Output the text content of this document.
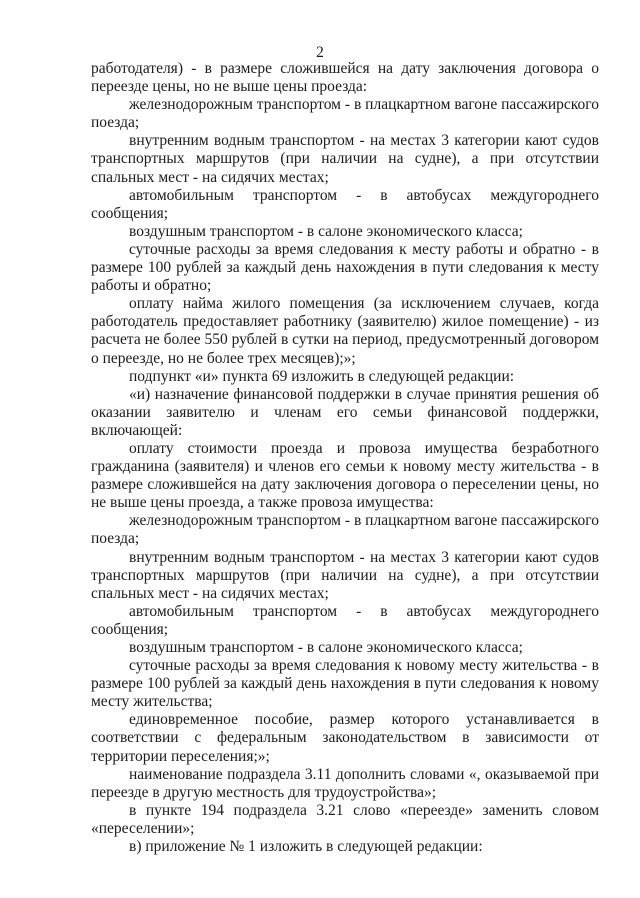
2

работодателя) - в размере сложившейся на дату заключения договора о переезде цены, но не выше цены проезда:

железнодорожным транспортом - в плацкартном вагоне пассажирского поезда;

внутренним водным транспортом - на местах 3 категории кают судов транспортных маршрутов (при наличии на судне), а при отсутствии спальных мест - на сидячих местах;

автомобильным транспортом - в автобусах междугороднего сообщения;

воздушным транспортом - в салоне экономического класса;

суточные расходы за время следования к месту работы и обратно - в размере 100 рублей за каждый день нахождения в пути следования к месту работы и обратно;

оплату найма жилого помещения (за исключением случаев, когда работодатель предоставляет работнику (заявителю) жилое помещение) - из расчета не более 550 рублей в сутки на период, предусмотренный договором о переезде, но не более трех месяцев);»;

подпункт «и» пункта 69 изложить в следующей редакции:

«и) назначение финансовой поддержки в случае принятия решения об оказании заявителю и членам его семьи финансовой поддержки, включающей:

оплату стоимости проезда и провоза имущества безработного гражданина (заявителя) и членов его семьи к новому месту жительства - в размере сложившейся на дату заключения договора о переселении цены, но не выше цены проезда, а также провоза имущества:

железнодорожным транспортом - в плацкартном вагоне пассажирского поезда;

внутренним водным транспортом - на местах 3 категории кают судов транспортных маршрутов (при наличии на судне), а при отсутствии спальных мест - на сидячих местах;

автомобильным транспортом - в автобусах междугороднего сообщения;

воздушным транспортом - в салоне экономического класса;

суточные расходы за время следования к новому месту жительства - в размере 100 рублей за каждый день нахождения в пути следования к новому месту жительства;

единовременное пособие, размер которого устанавливается в соответствии с федеральным законодательством в зависимости от территории переселения;»;

наименование подраздела 3.11 дополнить словами «, оказываемой при переезде в другую местность для трудоустройства»;

в пункте 194 подраздела 3.21 слово «переезде» заменить словом «переселении»;

в) приложение № 1 изложить в следующей редакции:
